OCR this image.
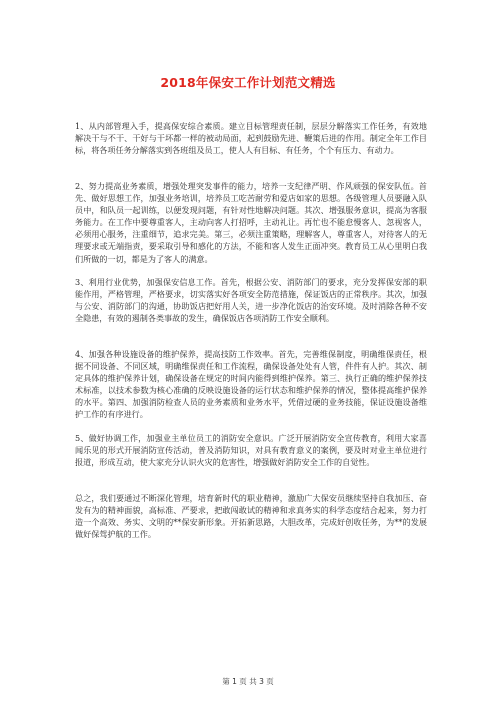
2018年保安工作计划范文精选

1、从内部管理入手，提高保安综合素质。建立目标管理责任制，层层分解落实工作任务，有效地解决干与不干、干好与干坏都一样的被动局面，起到鼓励先进、鞭策后进的作用。制定全年工作目标，将各项任务分解落实到各班组及员工，使人人有目标、有任务，个个有压力、有动力。

2、努力提高业务素质，增强处理突发事件的能力，培养一支纪律严明、作风顽强的保安队伍。首先、做好思想工作，加强业务培训，培养员工吃苦耐劳和爱店如家的思想。各级管理人员要融入队员中，和队员一起训练，以便发现问题，有针对性地解决问题。其次、增强服务意识，提高为客服务能力。在工作中要尊重客人，主动向客人打招呼，主动礼让。再忙也不能怠慢客人、忽视客人，必须用心服务，注重细节，追求完美。第三，必须注重策略，理解客人，尊重客人，对待客人的无理要求或无端指责，要采取引导和感化的方法，不能和客人发生正面冲突。教育员工从心里明白我们所做的一切，都是为了客人的满意。

3、利用行业优势，加强保安信息工作。首先，根据公安、消防部门的要求，充分发挥保安部的职能作用，严格管理，严格要求，切实落实好各项安全防范措施，保证饭店的正常秩序。其次，加强与公安、消防部门的沟通，协助饭店把好用人关，进一步净化饭店的治安环境。及时消除各种不安全隐患，有效的遏制各类事故的发生，确保饭店各项消防工作安全顺利。

4、加强各种设施设备的维护保养，提高技防工作效率。首先，完善维保制度，明确维保责任，根据不同设备、不同区域，明确维保责任和工作流程，确保设备处处有人管，件件有人护。其次、制定具体的维护保养计划，确保设备在规定的时间内能得到维护保养。第三、执行正确的维护保养技术标准，以技术参数为核心准确的反映设施设备的运行状态和维护保养的情况，整体提高维护保养的水平。第四、加强消防检查人员的业务素质和业务水平，凭借过硬的业务技能，保证设施设备维护工作的有序进行。

5、做好协调工作，加强业主单位员工的消防安全意识。广泛开展消防安全宣传教育，利用大家喜闻乐见的形式开展消防宣传活动，普及消防知识，对具有教育意义的案例，要及时对业主单位进行报道，形成互动，使大家充分认识火灾的危害性，增强做好消防安全工作的自觉性。

总之，我们要通过不断深化管理，培育新时代的职业精神，激励广大保安员继续坚持自我加压、奋发有为的精神面貌，高标准、严要求，把敢闯敢试的精神和求真务实的科学态度结合起来，努力打造一个高效、务实、文明的**保安新形象。开拓新思路，大胆改革，完成好创收任务，为**的发展做好保驾护航的工作。

第 1 页 共 3 页
